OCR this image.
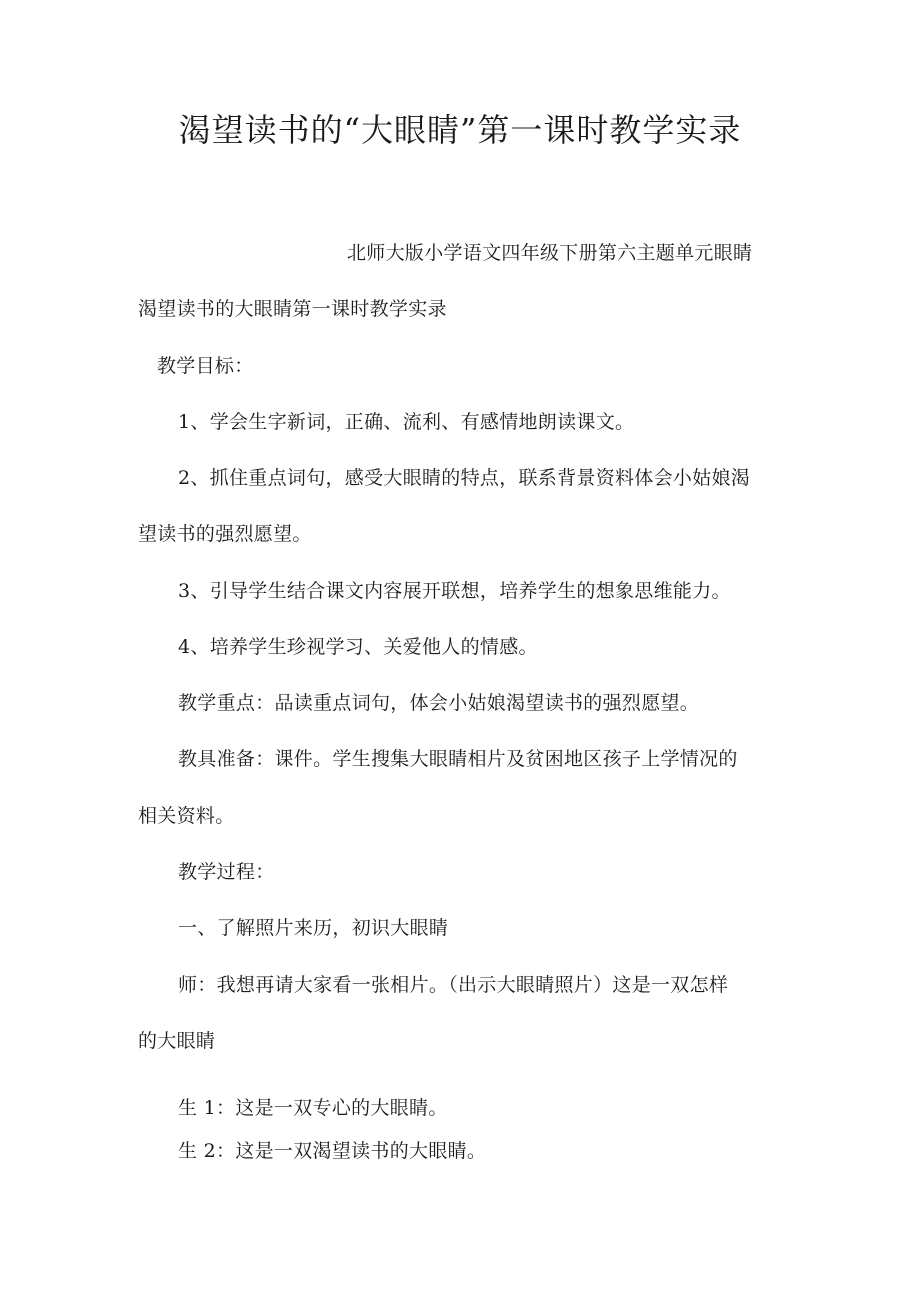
渴望读书的“大眼睛”第一课时教学实录
北师大版小学语文四年级下册第六主题单元眼睛
渴望读书的大眼睛第一课时教学实录
教学目标：
1、学会生字新词，正确、流利、有感情地朗读课文。
2、抓住重点词句，感受大眼睛的特点，联系背景资料体会小姑娘渴
望读书的强烈愿望。
3、引导学生结合课文内容展开联想，培养学生的想象思维能力。
4、培养学生珍视学习、关爱他人的情感。
教学重点：品读重点词句，体会小姑娘渴望读书的强烈愿望。
教具准备：课件。学生搜集大眼睛相片及贫困地区孩子上学情况的
相关资料。
教学过程：
一、了解照片来历，初识大眼睛
师：我想再请大家看一张相片。（出示大眼睛照片）这是一双怎样
的大眼睛
生 1：这是一双专心的大眼睛。
生 2：这是一双渴望读书的大眼睛。
